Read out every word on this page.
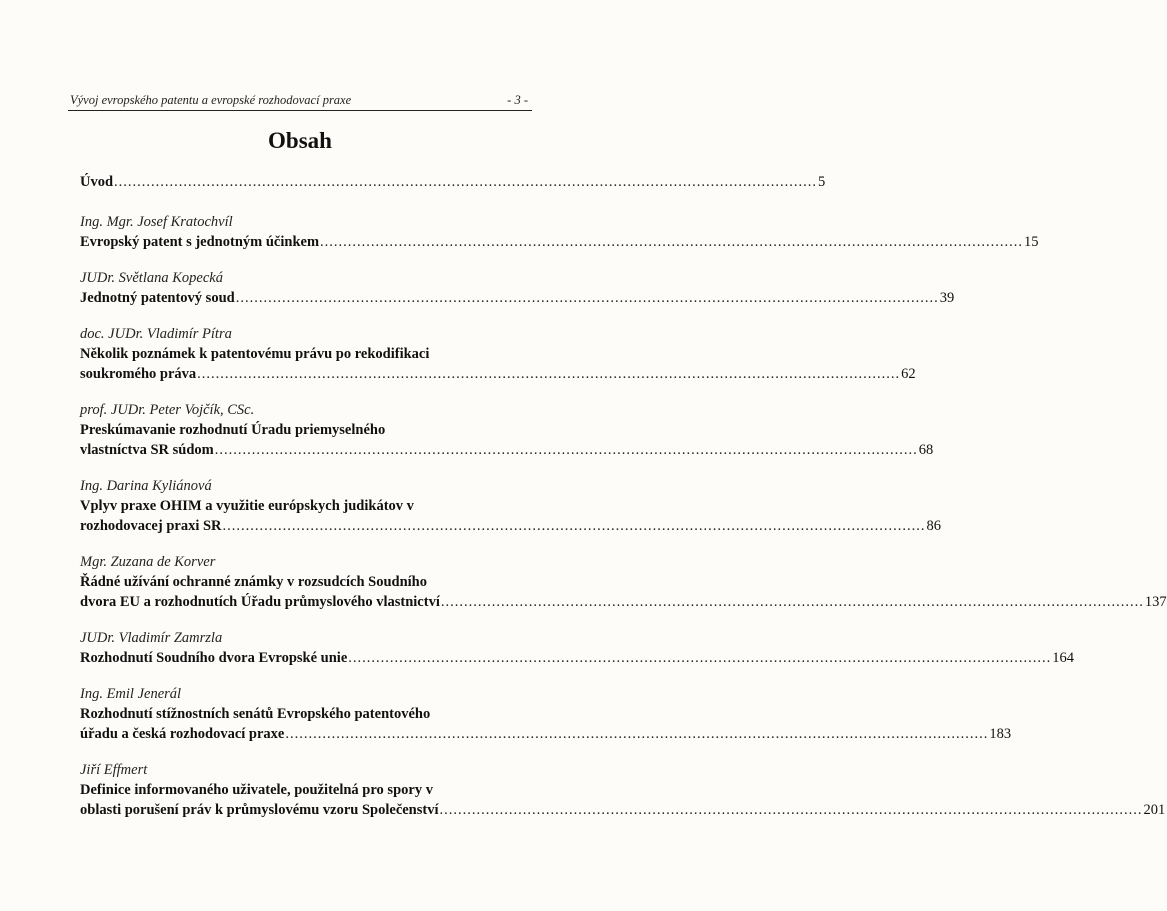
Vývoj evropského patentu a evropské rozhodovací praxe	- 3 -
Obsah
Úvod ........................................................................................................................................................ 5
Ing. Mgr. Josef Kratochvíl
Evropský patent s jednotným účinkem ........................................................................................................................................................ 15
JUDr. Světlana Kopecká
Jednotný patentový soud ........................................................................................................................................................ 39
doc. JUDr. Vladimír Pítra
Několik poznámek k patentovému právu po rekodifikaci
soukromého práva ........................................................................................................................................................ 62
prof. JUDr. Peter Vojčík, CSc.
Preskúmavanie rozhodnutí Úradu priemyselného
vlastníctva SR súdom ........................................................................................................................................................ 68
Ing. Darina Kyliánová
Vplyv praxe OHIM a využitie európskych judikátov v
rozhodovacej praxi SR ........................................................................................................................................................ 86
Mgr. Zuzana de Korver
Řádné užívání ochranné známky v rozsudcích Soudního
dvora EU a rozhodnutích Úřadu průmyslového vlastnictví ........................................................................................................................................................ 137
JUDr. Vladimír Zamrzla
Rozhodnutí Soudního dvora Evropské unie ........................................................................................................................................................ 164
Ing. Emil Jenerál
Rozhodnutí stížnostních senátů Evropského patentového
úřadu a česká rozhodovací praxe ........................................................................................................................................................ 183
Jiří Effmert
Definice informovaného uživatele, použitelná pro spory v
oblasti porušení práv k průmyslovému vzoru Společenství ........................................................................................................................................................ 201
